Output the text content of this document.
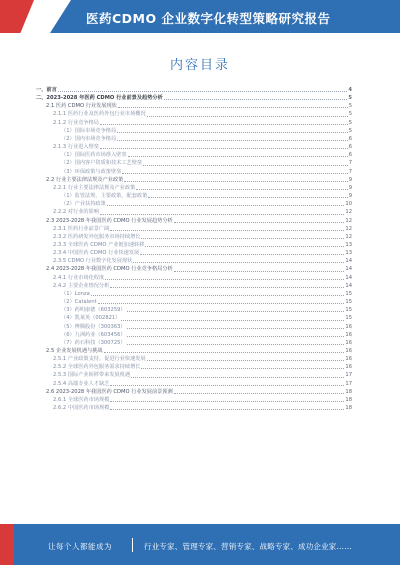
医药CDMO 企业数字化转型策略研究报告
内容目录
一、前言	4
二、2023-2028 年医药 CDMO 行业前景及趋势分析	5
2.1 医药 CDMO 行业发展现状	5
2.1.1 医药行业及医药外包行业市场概况	5
2.1.2 行业竞争格局	5
（1）国际市场竞争格局	5
（2）国内市场竞争格局	6
2.1.3 行业进入壁垒	6
（1）国际医药市场准入壁垒	6
（2）国内客户资质和技术工艺壁垒	7
（3）环保政策与政策壁垒	7
2.2 行业主要法律法规及产业政策	9
2.2.1 行业主要法律法规及产业政策	9
（1）监管法规、主要政策、配套政策	9
（2）产业扶持政策	10
2.2.2 对行业的影响	12
2.3 2023-2028 年我国医药 CDMO 行业发展趋势分析	12
2.3.1 医药行业前景广阔	12
2.3.2 医药研发外包服务市场持续增长	12
2.3.3 全球医药 CDMO 产业链加速转移	13
2.3.4 中国医药 CDMO 行业快速发展	13
2.3.5 CDMO 行业数字化发展现状	14
2.4 2023-2028 年我国医药 CDMO 行业竞争格局分析	14
2.4.1 行业市场化程度	14
2.4.2 主要企业情况分析	14
（1）Lonza	15
（2）Catalent	15
（3）药明康德（603259）	15
（4）凯莱英（002821）	15
（5）博腾股份（300363）	16
（6）九洲药业（603456）	16
（7）药石科技（300725）	16
2.5 企业发展机遇与挑战	16
2.5.1 产业政策支持，促进行业快速发展	16
2.5.2 全球医药外包服务需求持续增长	16
2.5.3 国际产业转移带来发展机遇	17
2.5.4 高端专业人才缺乏	17
2.6 2023-2028 年我国医药 CDMO 行业发展前景预测	18
2.6.1 全球医药市场规模	18
2.6.2 中国医药市场规模	18
让每个人都能成为	行业专家、管理专家、营销专家、战略专家、成功企业家……
